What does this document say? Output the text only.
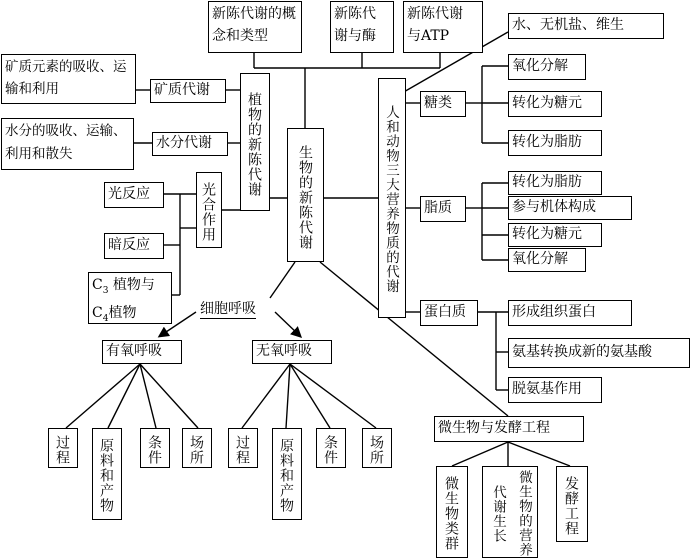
新陈代谢的概念和类型
新陈代
谢与酶
新陈代谢
与ATP
水、无机盐、维生
生物的新陈代谢
植物的新陈代谢
矿质代谢
矿质元素的吸收、运输和利用
水分代谢
水分的吸收、运输、利用和散失
光合作用
光反应
暗反应
$C_3$ 植物与
$C_4$植物
人和动物三大营养物质的代谢
糖类
氧化分解
转化为糖元
转化为脂肪
脂质
转化为脂肪
参与机体构成
转化为糖元
氧化分解
蛋白质	形成组织蛋白
氨基转换成新的氨基酸
脱氨基作用
细胞呼吸
有氧呼吸	无氧呼吸
过程	原料和产物	条件	场所	过程	原料和产物	条件	场所
微生物与发酵工程
微生物类群	微生物的营养代谢生长	发酵工程
